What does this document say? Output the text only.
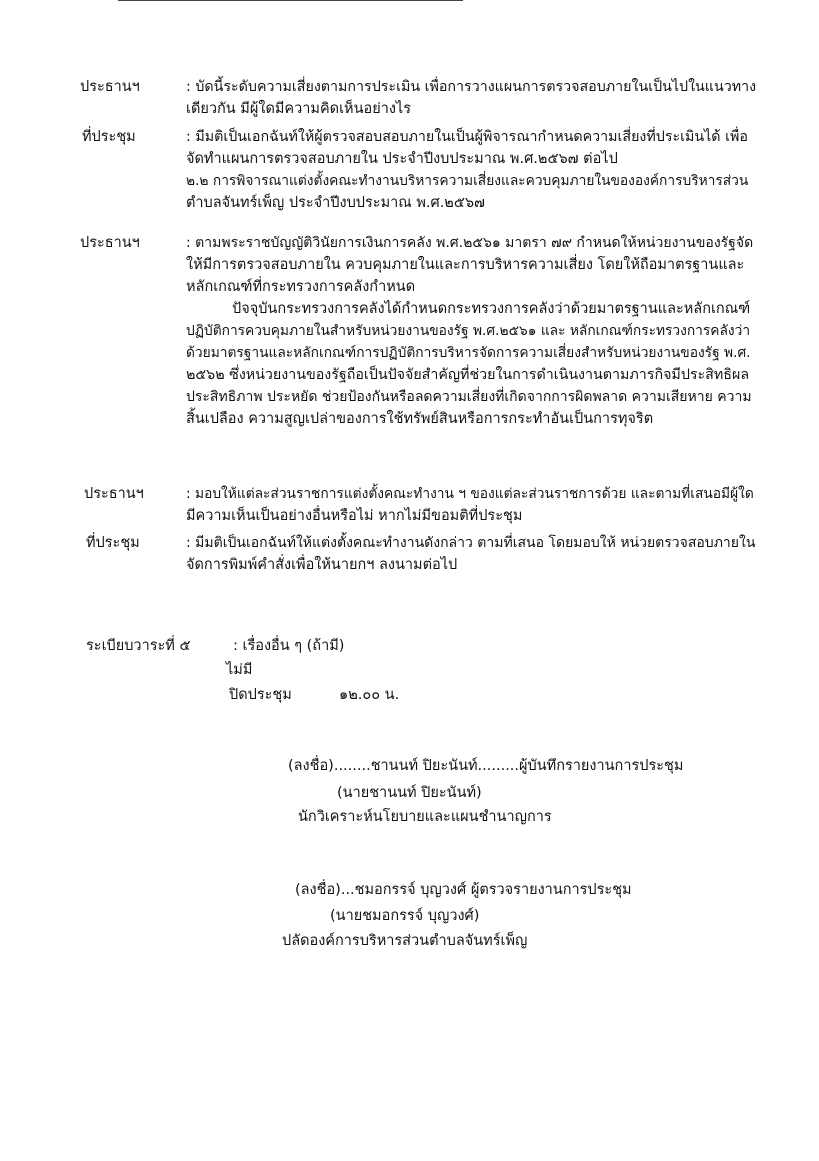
ประธานฯ	: บัดนี้ระดับความเสี่ยงตามการประเมิน เพื่อการวางแผนการตรวจสอบภายในเป็นไปในแนวทาง
เดียวกัน มีผู้ใดมีความคิดเห็นอย่างไร
ที่ประชุม	: มีมติเป็นเอกฉันท์ให้ผู้ตรวจสอบสอบภายในเป็นผู้พิจารณากำหนดความเสี่ยงที่ประเมินได้ เพื่อ
จัดทำแผนการตรวจสอบภายใน ประจำปีงบประมาณ พ.ศ.๒๕๖๗ ต่อไป
๒.๒ การพิจารณาแต่งตั้งคณะทำงานบริหารความเสี่ยงและควบคุมภายในขององค์การบริหารส่วน
ตำบลจันทร์เพ็ญ ประจำปีงบประมาณ พ.ศ.๒๕๖๗
ประธานฯ	: ตามพระราชบัญญัติวินัยการเงินการคลัง พ.ศ.๒๕๖๑ มาตรา ๗๙ กำหนดให้หน่วยงานของรัฐจัด
ให้มีการตรวจสอบภายใน ควบคุมภายในและการบริหารความเสี่ยง โดยให้ถือมาตรฐานและ
หลักเกณฑ์ที่กระทรวงการคลังกำหนด
ปัจจุบันกระทรวงการคลังได้กำหนดกระทรวงการคลังว่าด้วยมาตรฐานและหลักเกณฑ์
ปฏิบัติการควบคุมภายในสำหรับหน่วยงานของรัฐ พ.ศ.๒๕๖๑ และ หลักเกณฑ์กระทรวงการคลังว่า
ด้วยมาตรฐานและหลักเกณฑ์การปฏิบัติการบริหารจัดการความเสี่ยงสำหรับหน่วยงานของรัฐ พ.ศ.
๒๕๖๒ ซึ่งหน่วยงานของรัฐถือเป็นปัจจัยสำคัญที่ช่วยในการดำเนินงานตามภารกิจมีประสิทธิผล
ประสิทธิภาพ ประหยัด ช่วยป้องกันหรือลดความเสี่ยงที่เกิดจากการผิดพลาด ความเสียหาย ความ
สิ้นเปลือง ความสูญเปล่าของการใช้ทรัพย์สินหรือการกระทำอันเป็นการทุจริต
ประธานฯ	: มอบให้แต่ละส่วนราชการแต่งตั้งคณะทำงาน ฯ ของแต่ละส่วนราชการด้วย และตามที่เสนอมีผู้ใด
มีความเห็นเป็นอย่างอื่นหรือไม่ หากไม่มีขอมติที่ประชุม
ที่ประชุม	: มีมติเป็นเอกฉันท์ให้แต่งตั้งคณะทำงานดังกล่าว ตามที่เสนอ โดยมอบให้ หน่วยตรวจสอบภายใน
จัดการพิมพ์คำสั่งเพื่อให้นายกฯ ลงนามต่อไป
ระเบียบวาระที่ ๕	: เรื่องอื่น ๆ (ถ้ามี)
ไม่มี
ปิดประชุม	๑๒.๐๐ น.
(ลงชื่อ)........ชานนท์ ปิยะนันท์.........ผู้บันทึกรายงานการประชุม
(นายชานนท์ ปิยะนันท์)
นักวิเคราะห์นโยบายและแผนชำนาญการ
(ลงชื่อ)...ชมอกรรจ์ บุญวงศ์ ผู้ตรวจรายงานการประชุม
(นายชมอกรรจ์ บุญวงศ์)
ปลัดองค์การบริหารส่วนตำบลจันทร์เพ็ญ
